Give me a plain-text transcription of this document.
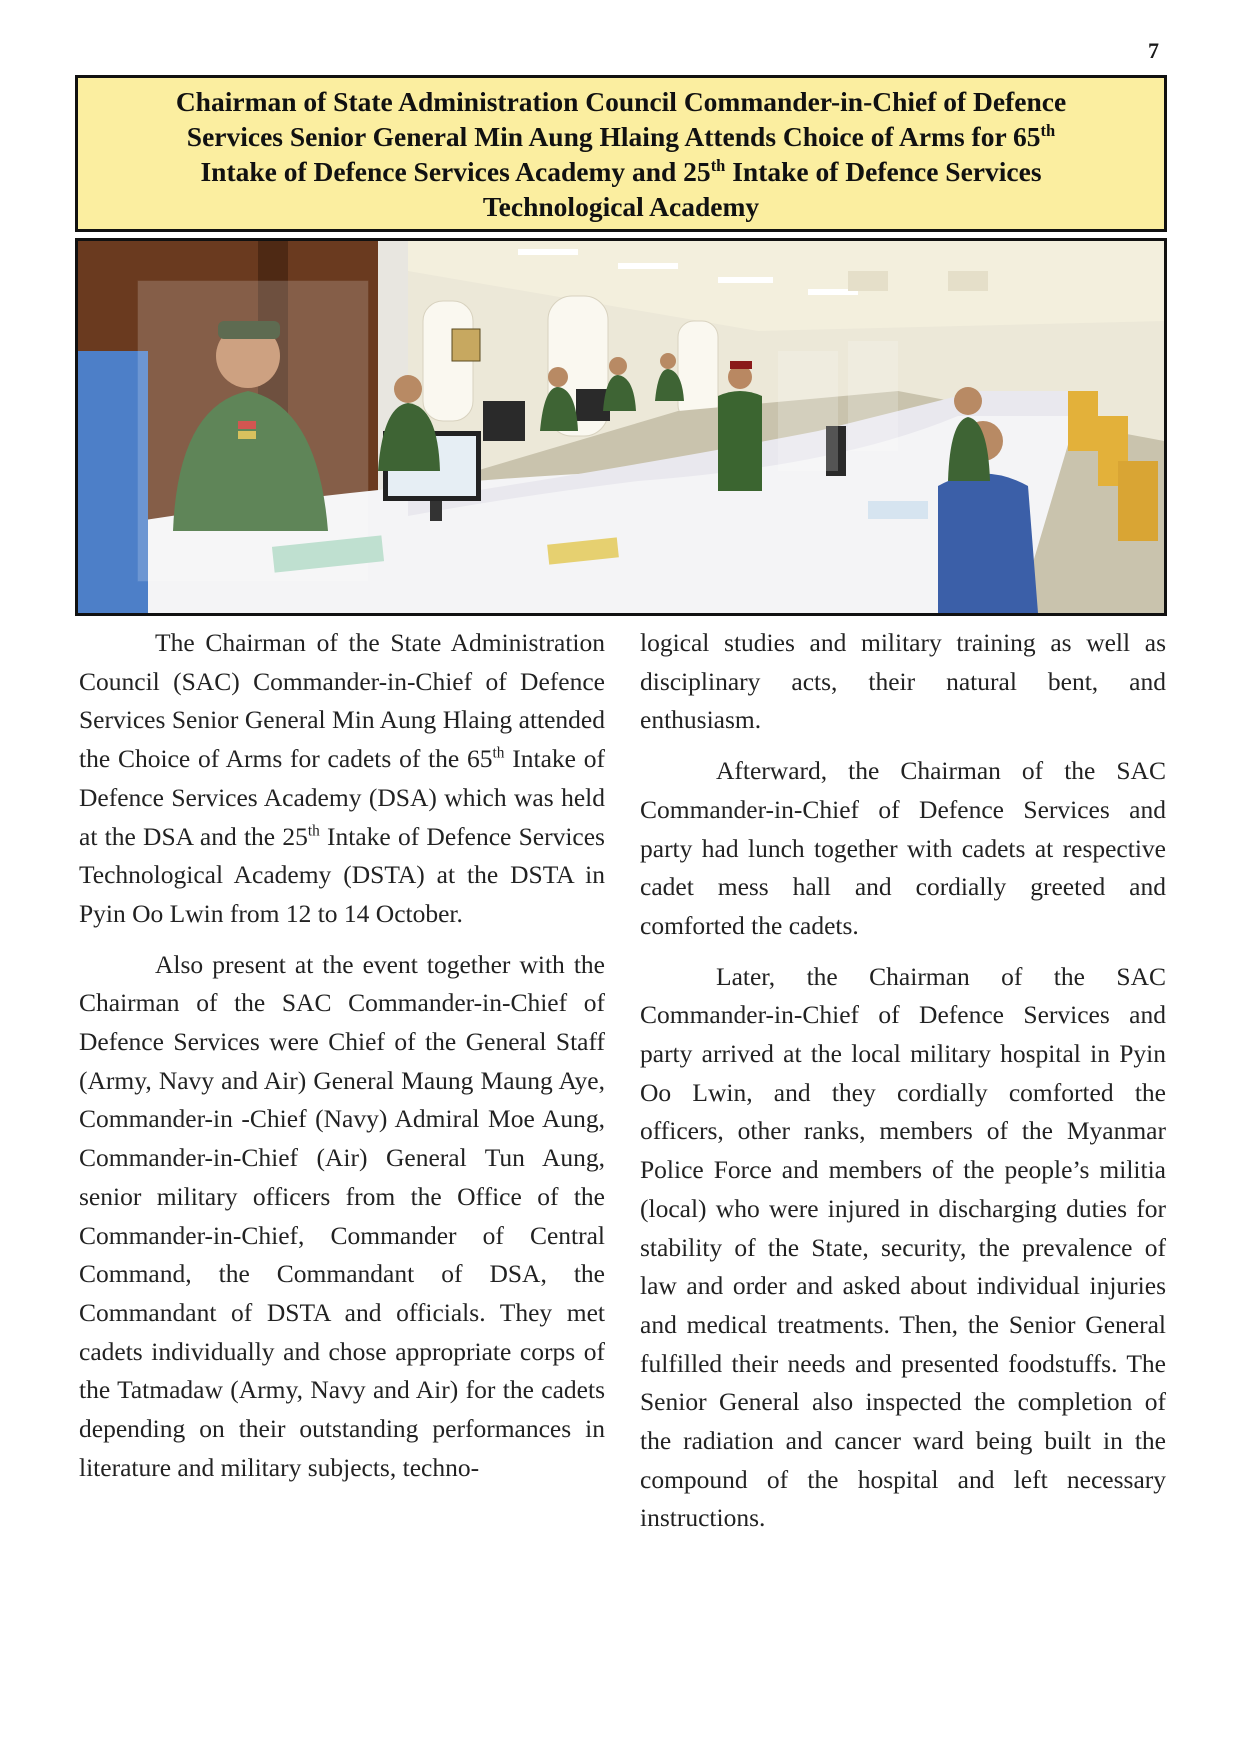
7
Chairman of State Administration Council Commander-in-Chief of Defence
Services Senior General Min Aung Hlaing Attends Choice of Arms for 65th
Intake of Defence Services Academy and 25th Intake of Defence Services
Technological Academy

The Chairman of the State Administration Council (SAC) Commander-in-Chief of Defence Services Senior General Min Aung Hlaing attended the Choice of Arms for cadets of the 65th Intake of Defence Services Academy (DSA) which was held at the DSA and the 25th Intake of Defence Services Technological Academy (DSTA) at the DSTA in Pyin Oo Lwin from 12 to 14 October.

Also present at the event together with the Chairman of the SAC Commander-in-Chief of Defence Services were Chief of the General Staff (Army, Navy and Air) General Maung Maung Aye, Commander-in -Chief (Navy) Admiral Moe Aung, Commander-in-Chief (Air) General Tun Aung, senior military officers from the Office of the Commander-in-Chief, Commander of Central Command, the Commandant of DSA, the Commandant of DSTA and officials. They met cadets individually and chose appropriate corps of the Tatmadaw (Army, Navy and Air) for the cadets depending on their outstanding performances in literature and military subjects, techno-

logical studies and military training as well as disciplinary acts, their natural bent, and enthusiasm.

Afterward, the Chairman of the SAC Commander-in-Chief of Defence Services and party had lunch together with cadets at respective cadet mess hall and cordially greeted and comforted the cadets.

Later, the Chairman of the SAC Commander-in-Chief of Defence Services and party arrived at the local military hospital in Pyin Oo Lwin, and they cordially comforted the officers, other ranks, members of the Myanmar Police Force and members of the people’s militia (local) who were injured in discharging duties for stability of the State, security, the prevalence of law and order and asked about individual injuries and medical treatments. Then, the Senior General fulfilled their needs and presented foodstuffs. The Senior General also inspected the completion of the radiation and cancer ward being built in the compound of the hospital and left necessary instructions.
